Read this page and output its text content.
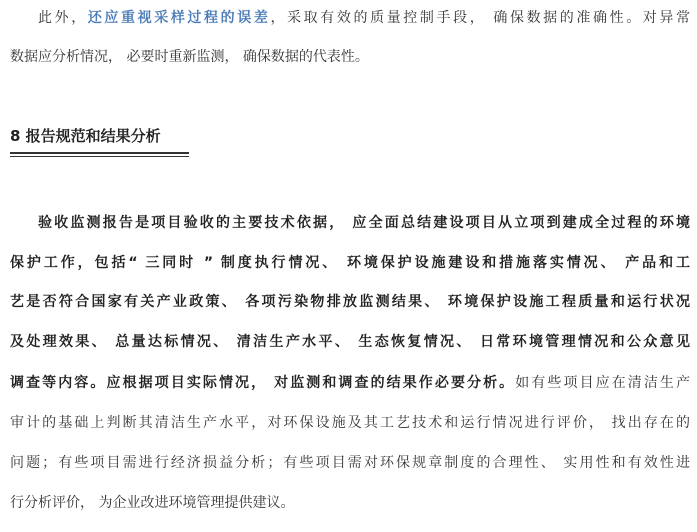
此外，还应重视采样过程的误差，采取有效的质量控制手段， 确保数据的准确性。对异常
数据应分析情况， 必要时重新监测， 确保数据的代表性。
8 报告规范和结果分析
验收监测报告是项目验收的主要技术依据， 应全面总结建设项目从立项到建成全过程的环境
保护工作，包括“ 三同时 ” 制度执行情况、 环境保护设施建设和措施落实情况、 产品和工
艺是否符合国家有关产业政策、 各项污染物排放监测结果、 环境保护设施工程质量和运行状况
及处理效果、 总量达标情况、 清洁生产水平、 生态恢复情况、 日常环境管理情况和公众意见
调查等内容。应根据项目实际情况， 对监测和调查的结果作必要分析。如有些项目应在清洁生产
审计的基础上判断其清洁生产水平，对环保设施及其工艺技术和运行情况进行评价， 找出存在的
问题；有些项目需进行经济损益分析；有些项目需对环保规章制度的合理性、 实用性和有效性进
行分析评价， 为企业改进环境管理提供建议。
